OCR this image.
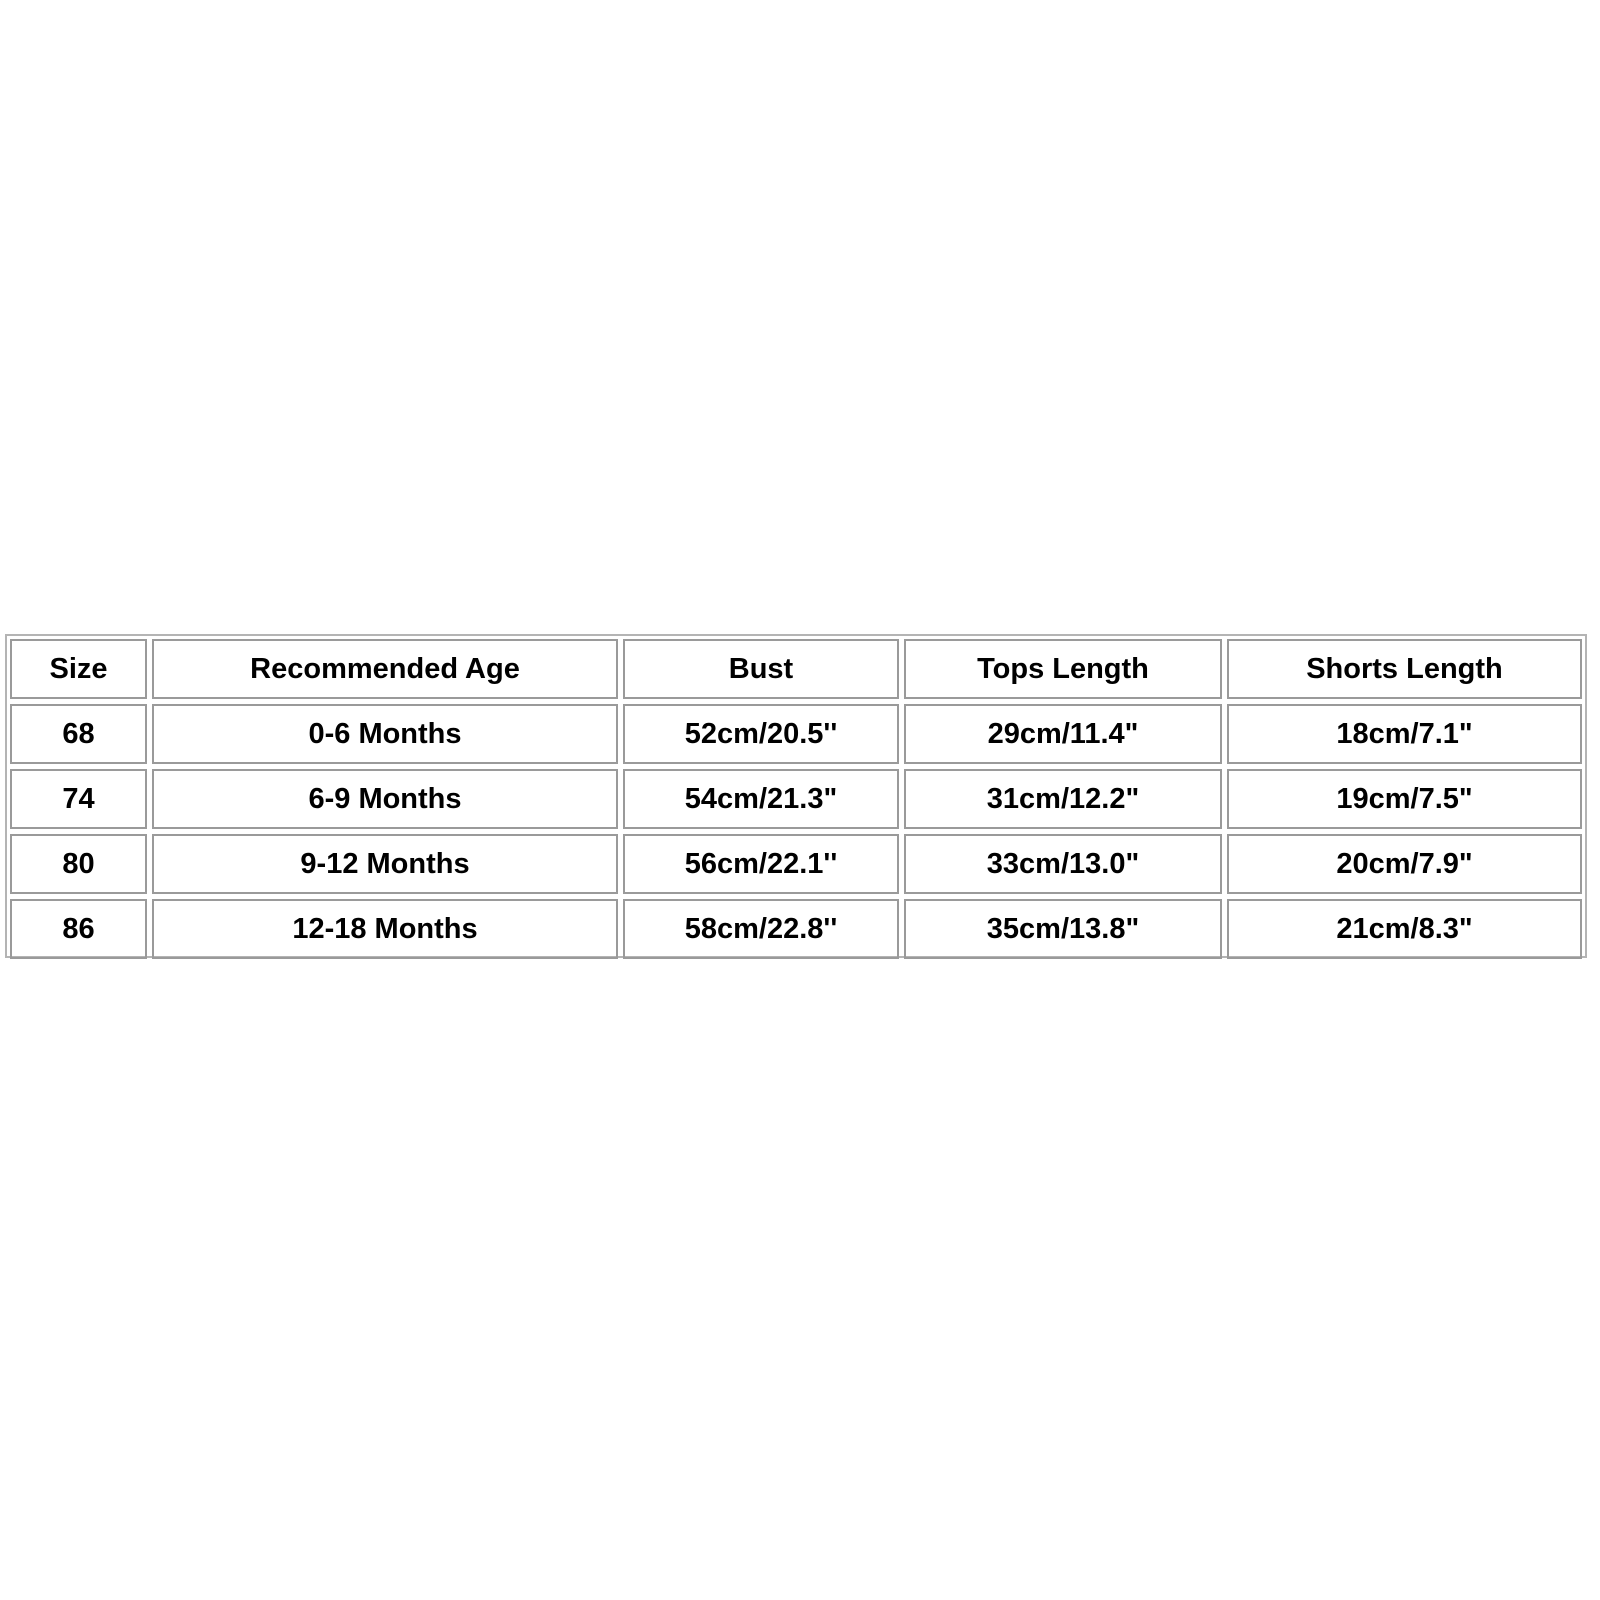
Size	Recommended Age	Bust	Tops Length	Shorts Length
68	0-6 Months	52cm/20.5''	29cm/11.4"	18cm/7.1"
74	6-9 Months	54cm/21.3"	31cm/12.2"	19cm/7.5"
80	9-12 Months	56cm/22.1''	33cm/13.0"	20cm/7.9"
86	12-18 Months	58cm/22.8''	35cm/13.8"	21cm/8.3"
